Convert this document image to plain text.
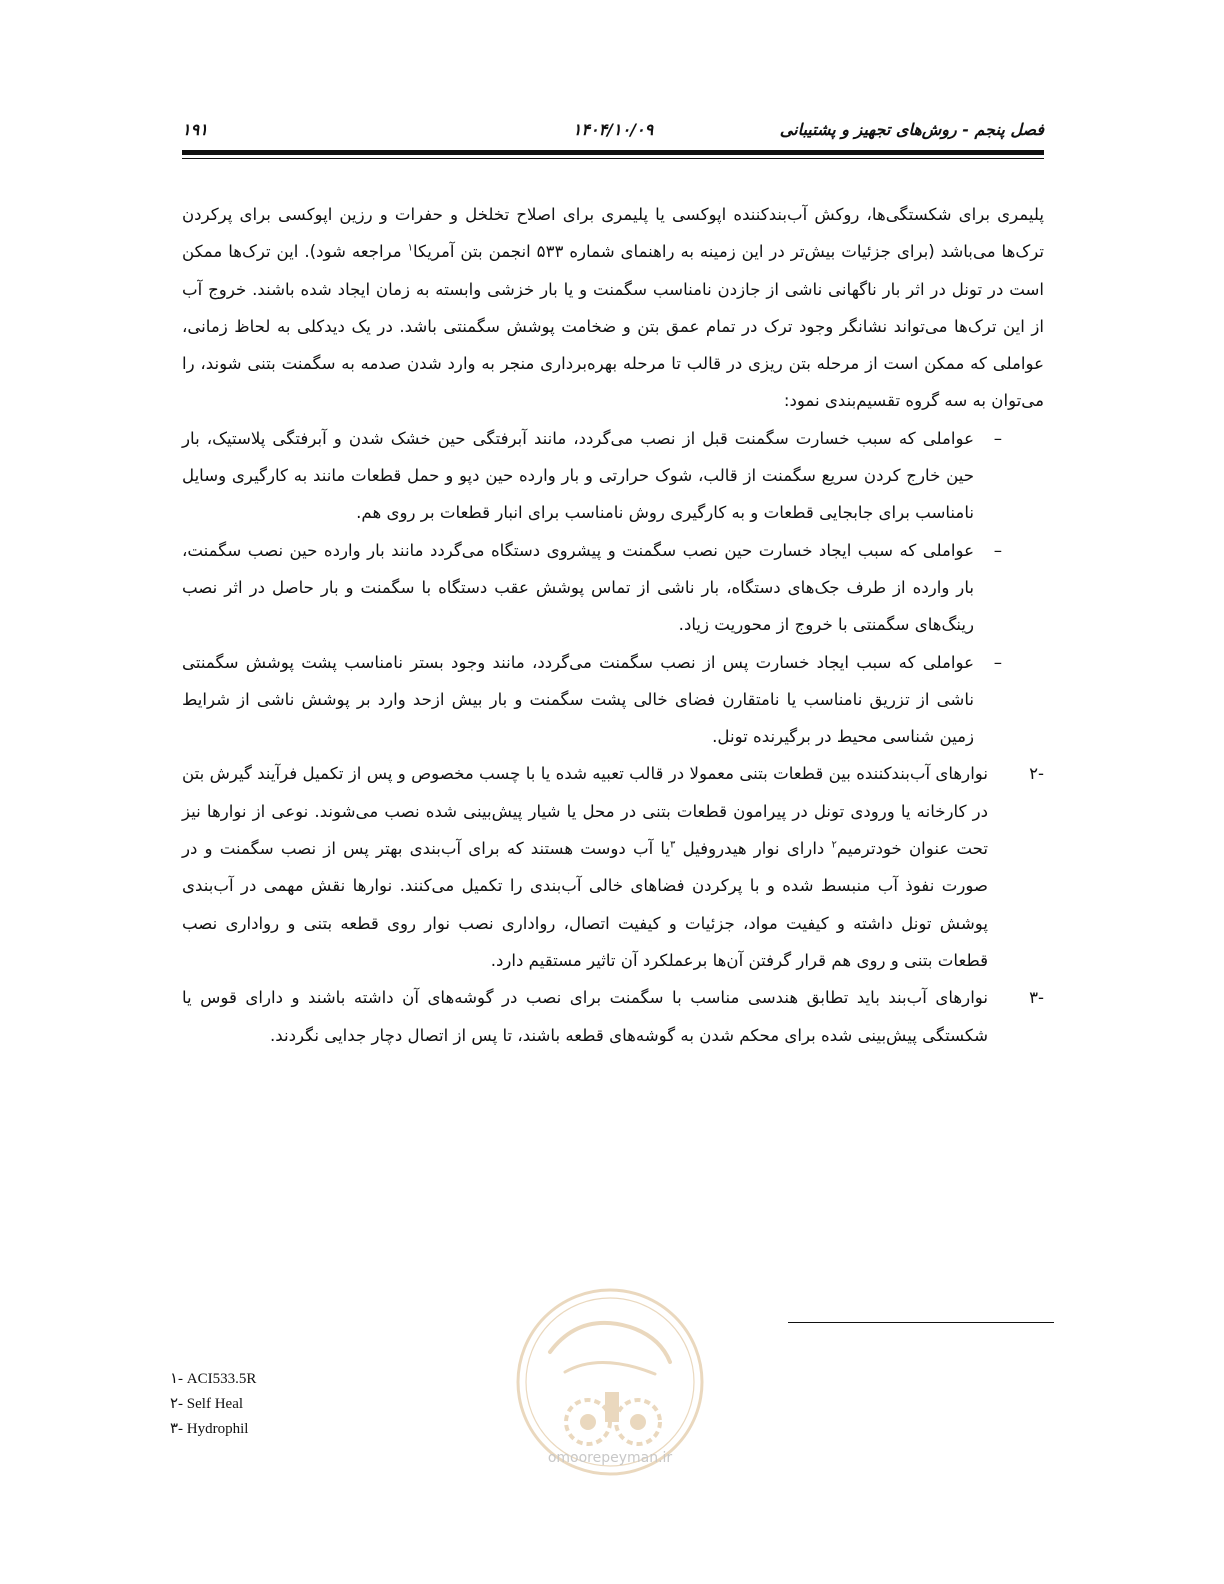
فصل پنجم - روش‌های تجهیز و پشتیبانی
۱۴۰۴/۱۰/۰۹
۱۹۱

پلیمری برای شکستگی‌ها، روکش آب‌بندکننده اپوکسی یا پلیمری برای اصلاح تخلخل و حفرات و رزین اپوکسی برای پرکردن ترک‌ها می‌باشد (برای جزئیات بیش‌تر در این زمینه به راهنمای شماره ۵۳۳ انجمن بتن آمریکا$^۱$ مراجعه شود). این ترک‌ها ممکن است در تونل در اثر بار ناگهانی ناشی از جازدن نامناسب سگمنت و یا بار خزشی وابسته به زمان ایجاد شده باشند. خروج آب از این ترک‌ها می‌تواند نشانگر وجود ترک در تمام عمق بتن و ضخامت پوشش سگمنتی باشد. در یک دیدکلی به لحاظ زمانی، عواملی که ممکن است از مرحله بتن ریزی در قالب تا مرحله بهره‌برداری منجر به وارد شدن صدمه به سگمنت بتنی شوند، را می‌توان به سه گروه تقسیم‌بندی نمود:

–
عواملی که سبب خسارت سگمنت قبل از نصب می‌گردد، مانند آبرفتگی حین خشک شدن و آبرفتگی پلاستیک، بار حین خارج کردن سریع سگمنت از قالب، شوک حرارتی و بار وارده حین دپو و حمل قطعات مانند به کارگیری وسایل نامناسب برای جابجایی قطعات و به کارگیری روش نامناسب برای انبار قطعات بر روی هم.

–
عواملی که سبب ایجاد خسارت حین نصب سگمنت و پیشروی دستگاه می‌گردد مانند بار وارده حین نصب سگمنت، بار وارده از طرف جک‌های دستگاه، بار ناشی از تماس پوشش عقب دستگاه با سگمنت و بار حاصل در اثر نصب رینگ‌های سگمنتی با خروج از محوریت زیاد.

–
عواملی که سبب ایجاد خسارت پس از نصب سگمنت می‌گردد، مانند وجود بستر نامناسب پشت پوشش سگمنتی ناشی از تزریق نامناسب یا نامتقارن فضای خالی پشت سگمنت و بار بیش ازحد وارد بر پوشش ناشی از شرایط زمین شناسی محیط در برگیرنده تونل.

-۲
نوارهای آب‌بندکننده بین قطعات بتنی معمولا در قالب تعبیه شده یا با چسب مخصوص و پس از تکمیل فرآیند گیرش بتن در کارخانه یا ورودی تونل در پیرامون قطعات بتنی در محل یا شیار پیش‌بینی شده نصب می‌شوند. نوعی از نوارها نیز تحت عنوان خودترمیم$^۲$ دارای نوار هیدروفیل $^۳$یا آب دوست هستند که برای آب‌بندی بهتر پس از نصب سگمنت و در صورت نفوذ آب منبسط شده و با پرکردن فضاهای خالی آب‌بندی را تکمیل می‌کنند. نوارها نقش مهمی در آب‌بندی پوشش تونل داشته و کیفیت مواد، جزئیات و کیفیت اتصال، رواداری نصب نوار روی قطعه بتنی و رواداری نصب قطعات بتنی و روی هم قرار گرفتن آن‌ها برعملکرد آن تاثیر مستقیم دارد.

-۳
نوارهای آب‌بند باید تطابق هندسی مناسب با سگمنت برای نصب در گوشه‌های آن داشته باشند و دارای قوس یا شکستگی پیش‌بینی شده برای محکم شدن به گوشه‌های قطعه باشند، تا پس از اتصال دچار جدایی نگردند.

omoorepeyman.ir
۱- ACI533.5R
۲- Self Heal
۳- Hydrophil
